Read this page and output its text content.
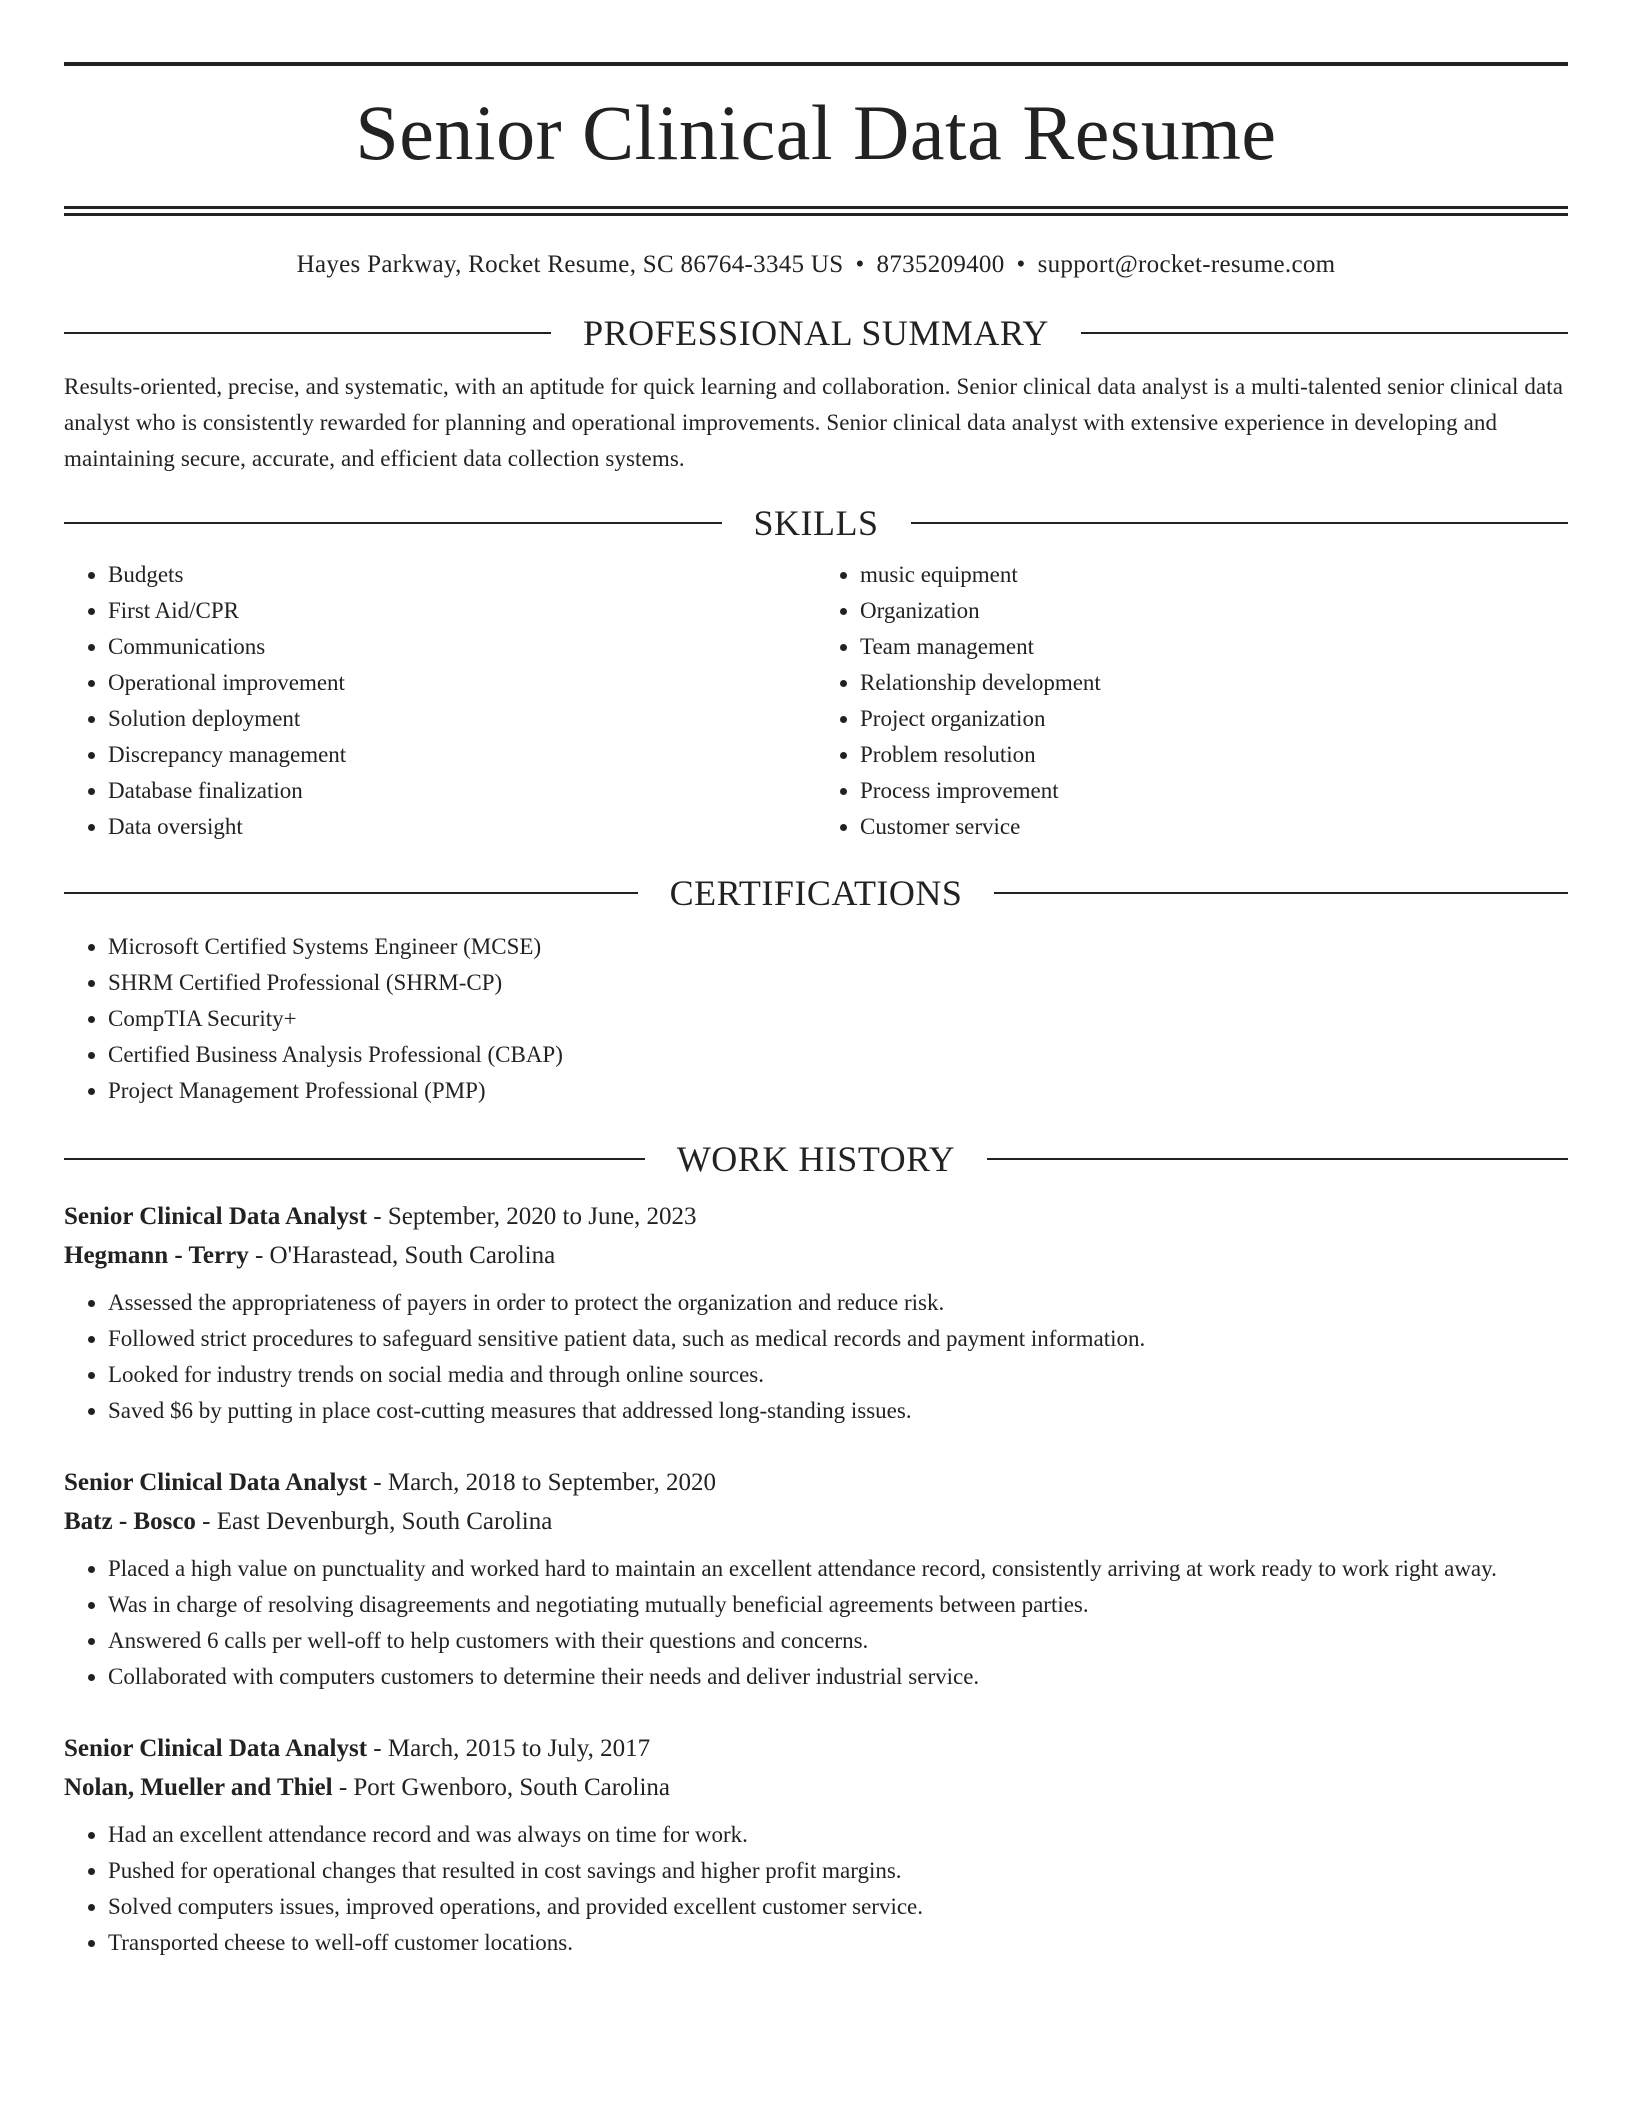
Senior Clinical Data Resume
Hayes Parkway, Rocket Resume, SC 86764-3345 US • 8735209400 • support@rocket-resume.com
PROFESSIONAL SUMMARY

Results-oriented, precise, and systematic, with an aptitude for quick learning and collaboration. Senior clinical data analyst is a multi-talented senior clinical data analyst who is consistently rewarded for planning and operational improvements. Senior clinical data analyst with extensive experience in developing and maintaining secure, accurate, and efficient data collection systems.

SKILLS
• Budgets
• First Aid/CPR
• Communications
• Operational improvement
• Solution deployment
• Discrepancy management
• Database finalization
• Data oversight
• music equipment
• Organization
• Team management
• Relationship development
• Project organization
• Problem resolution
• Process improvement
• Customer service
CERTIFICATIONS
• Microsoft Certified Systems Engineer (MCSE)
• SHRM Certified Professional (SHRM-CP)
• CompTIA Security+
• Certified Business Analysis Professional (CBAP)
• Project Management Professional (PMP)
WORK HISTORY
Senior Clinical Data Analyst - September, 2020 to June, 2023
Hegmann - Terry - O'Harastead, South Carolina
• Assessed the appropriateness of payers in order to protect the organization and reduce risk.
• Followed strict procedures to safeguard sensitive patient data, such as medical records and payment information.
• Looked for industry trends on social media and through online sources.
• Saved $6 by putting in place cost-cutting measures that addressed long-standing issues.
Senior Clinical Data Analyst - March, 2018 to September, 2020
Batz - Bosco - East Devenburgh, South Carolina
• Placed a high value on punctuality and worked hard to maintain an excellent attendance record, consistently arriving at work ready to work right away.
• Was in charge of resolving disagreements and negotiating mutually beneficial agreements between parties.
• Answered 6 calls per well-off to help customers with their questions and concerns.
• Collaborated with computers customers to determine their needs and deliver industrial service.
Senior Clinical Data Analyst - March, 2015 to July, 2017
Nolan, Mueller and Thiel - Port Gwenboro, South Carolina
• Had an excellent attendance record and was always on time for work.
• Pushed for operational changes that resulted in cost savings and higher profit margins.
• Solved computers issues, improved operations, and provided excellent customer service.
• Transported cheese to well-off customer locations.
